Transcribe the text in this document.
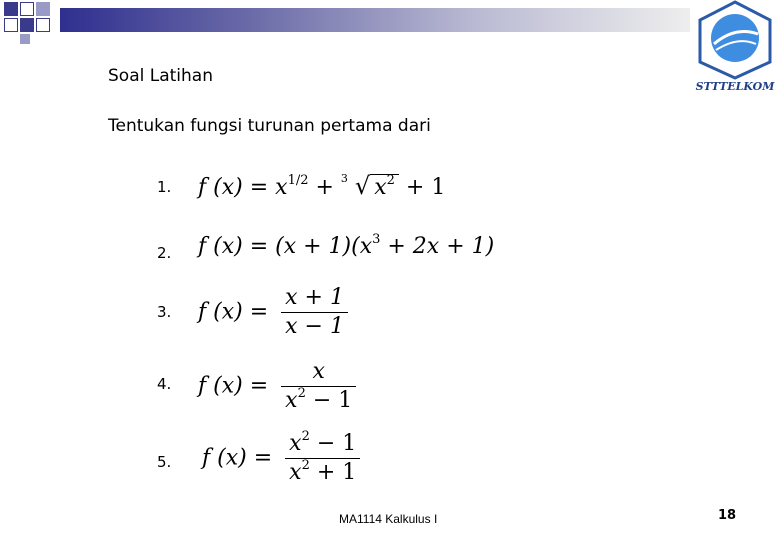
STTTELKOM
Soal Latihan
Tentukan fungsi turunan pertama dari
1. f $(x) = x^{1/2} + ^3$ √ $x^2 + 1$
2. f $(x) = (x + 1)(x^3 + 2x + 1)$
3. f $(x) = \frac{x + 1}{x - 1}$
4. f $(x) = \frac{x}{x^2 - 1}$
5. f $(x) = \frac{x^2 - 1}{x^2 + 1}$
MA1114 Kalkulus I	18
